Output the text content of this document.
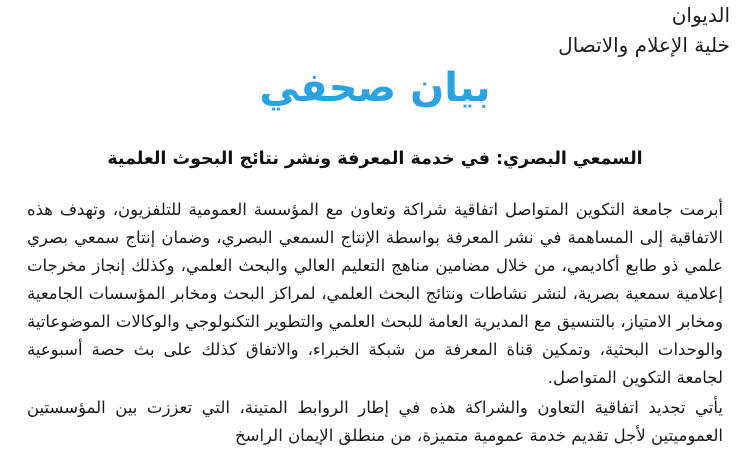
الديوان
خلية الإعلام والاتصال
بيان صحفي
السمعي البصري: في خدمة المعرفة ونشر نتائج البحوث العلمية

أبرمت جامعة التكوين المتواصل اتفاقية شراكة وتعاون مع المؤسسة العمومية للتلفزيون، وتهدف هذه الاتفاقية إلى المساهمة في نشر المعرفة بواسطة الإنتاج السمعي البصري، وضمان إنتاج سمعي بصري علمي ذو طابع أكاديمي، من خلال مضامين مناهج التعليم العالي والبحث العلمي، وكذلك إنجاز مخرجات إعلامية سمعية بصرية، لنشر نشاطات ونتائج البحث العلمي، لمراكز البحث ومخابر المؤسسات الجامعية ومخابر الامتياز، بالتنسيق مع المديرية العامة للبحث العلمي والتطوير التكنولوجي والوكالات الموضوعاتية والوحدات البحثية، وتمكين قناة المعرفة من شبكة الخبراء، والاتفاق كذلك على بث حصة أسبوعية لجامعة التكوين المتواصل.

يأتي تجديد اتفاقية التعاون والشراكة هذه في إطار الروابط المتينة، التي تعززت بين المؤسستين العموميتين لأجل تقديم خدمة عمومية متميزة، من منطلق الإيمان الراسخ
